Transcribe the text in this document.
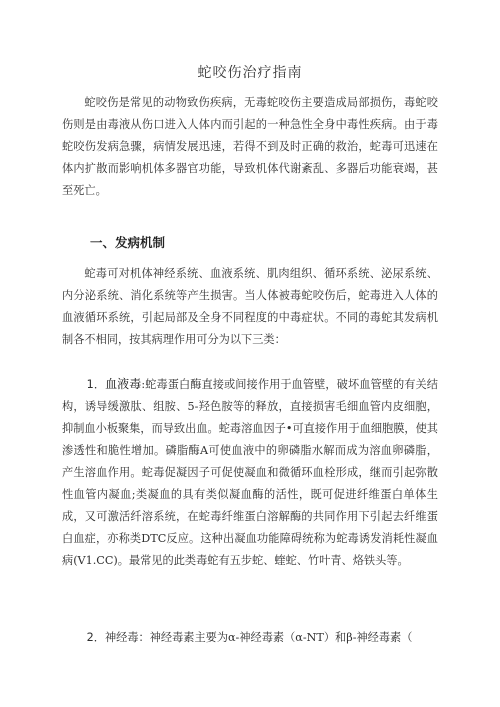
蛇咬伤治疗指南

蛇咬伤是常见的动物致伤疾病，无毒蛇咬伤主要造成局部损伤，毒蛇咬伤则是由毒液从伤口进入人体内而引起的一种急性全身中毒性疾病。由于毒蛇咬伤发病急骤，病情发展迅速，若得不到及时正确的救治，蛇毒可迅速在体内扩散而影响机体多器官功能，导致机体代谢紊乱、多器后功能衰竭，甚至死亡。

一、发病机制

蛇毒可对机体神经系统、血液系统、肌肉组织、循环系统、泌尿系统、内分泌系统、消化系统等产生损害。当人体被毒蛇咬伤后，蛇毒进入人体的血液循环系统，引起局部及全身不同程度的中毒症状。不同的毒蛇其发病机制各不相同，按其病理作用可分为以下三类：

1．血液毒:蛇毒蛋白酶直接或间接作用于血管壁，破坏血管壁的有关结构，诱导缓激肽、组胺、5-羟色胺等的释放，直接损害毛细血管内皮细胞，抑制血小板聚集，而导致出血。蛇毒溶血因子•可直接作用于血细胞膜，使其渗透性和脆性增加。磷脂酶A可使血液中的卵磷脂水解而成为溶血卵磷脂，产生溶血作用。蛇毒促凝因子可促使凝血和微循环血栓形成，继而引起弥散性血管内凝血;类凝血的具有类似凝血酶的活性，既可促进纤维蛋白单体生成，又可激活纤溶系统，在蛇毒纤维蛋白溶解酶的共同作用下引起去纤维蛋白血症，亦称类DTC反应。这种出凝血功能障碍统称为蛇毒诱发消耗性凝血病(V1.CC)。最常见的此类毒蛇有五步蛇、蝰蛇、竹叶青、烙铁头等。

2．神经毒：神经毒素主要为α-神经毒素（α-NT）和β-神经毒素（
